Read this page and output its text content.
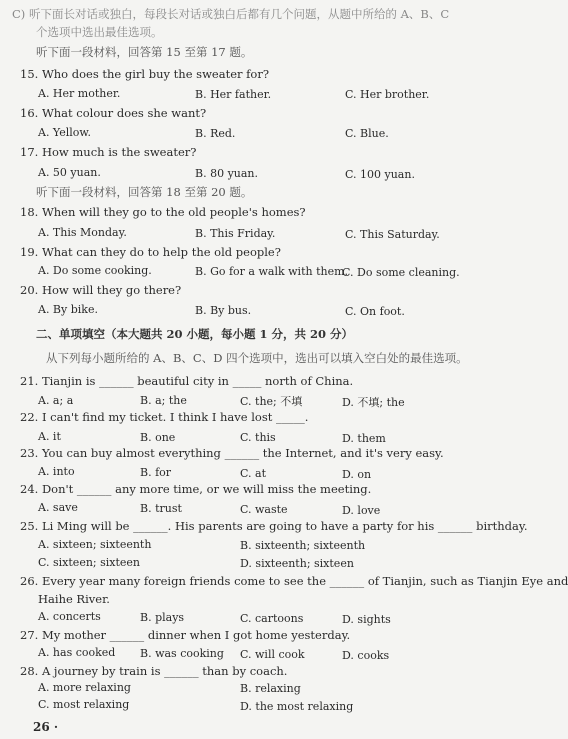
C) 听下面长对话或独白，每段长对话或独白后都有几个问题，从题中所给的 A、B、C
个选项中选出最佳选项。
听下面一段材料，回答第 15 至第 17 题。
15. Who does the girl buy the sweater for?
A. Her mother.	B. Her father.	C. Her brother.
16. What colour does she want?
A. Yellow.	B. Red.	C. Blue.
17. How much is the sweater?
A. 50 yuan.	B. 80 yuan.	C. 100 yuan.
听下面一段材料，回答第 18 至第 20 题。
18. When will they go to the old people's homes?
A. This Monday.	B. This Friday.	C. This Saturday.
19. What can they do to help the old people?
A. Do some cooking.	B. Go for a walk with them.
C. Do some cleaning.
20. How will they go there?
A. By bike.	B. By bus.	C. On foot.
二、单项填空（本大题共 20 小题，每小题 1 分，共 20 分）
从下列每小题所给的 A、B、C、D 四个选项中，选出可以填入空白处的最佳选项。
21. Tianjin is ______ beautiful city in _____ north of China.
A. a; a	B. a; the	C. the; 不填	D. 不填; the
22. I can't find my ticket. I think I have lost _____.
A. it	B. one	C. this	D. them
23. You can buy almost everything ______ the Internet, and it's very easy.
A. into	B. for	C. at	D. on
24. Don't ______ any more time, or we will miss the meeting.
A. save	B. trust	C. waste	D. love
25. Li Ming will be ______. His parents are going to have a party for his ______ birthday.
A. sixteen; sixteenth	B. sixteenth; sixteenth
C. sixteen; sixteen	D. sixteenth; sixteen
26. Every year many foreign friends come to see the ______ of Tianjin, such as Tianjin Eye and
Haihe River.
A. concerts	B. plays	C. cartoons	D. sights
27. My mother ______ dinner when I got home yesterday.
A. has cooked B. was cooking C. will cook	D. cooks
28. A journey by train is ______ than by coach.
A. more relaxing	B. relaxing
C. most relaxing	D. the most relaxing
26 ·
